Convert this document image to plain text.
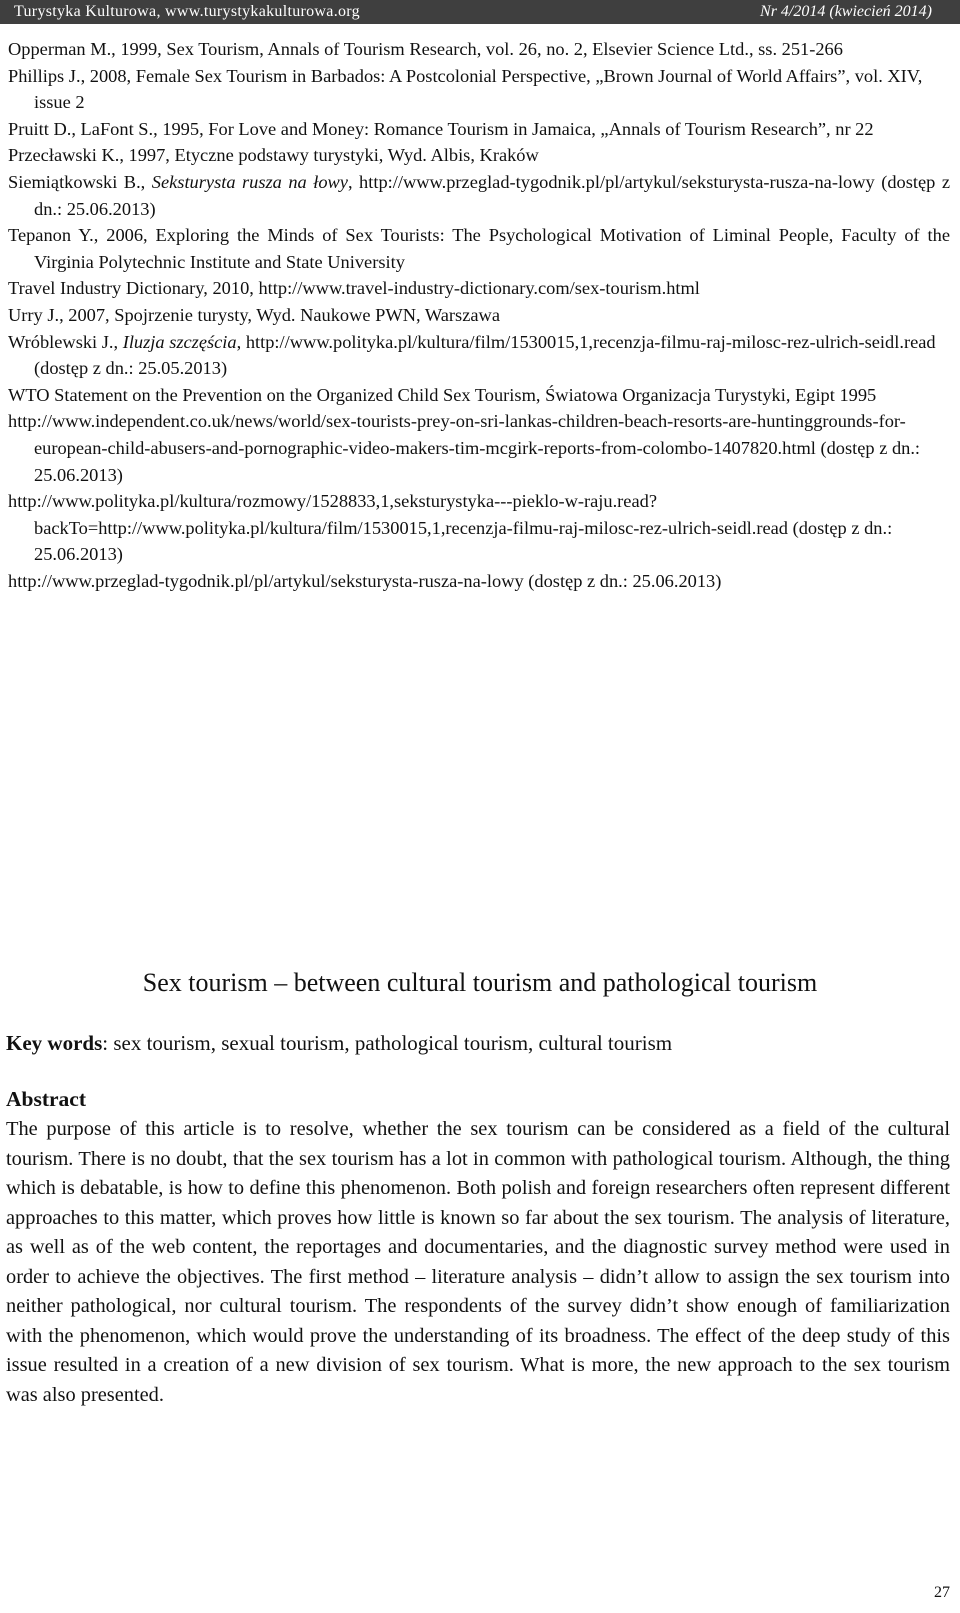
Turystyka Kulturowa, www.turystykakulturowa.org	Nr 4/2014 (kwiecień 2014)

Opperman M., 1999, Sex Tourism, Annals of Tourism Research, vol. 26, no. 2, Elsevier Science Ltd., ss. 251-266

Phillips J., 2008, Female Sex Tourism in Barbados: A Postcolonial Perspective, „Brown Journal of World Affairs”, vol. XIV, issue 2

Pruitt D., LaFont S., 1995, For Love and Money: Romance Tourism in Jamaica, „Annals of Tourism Research”, nr 22

Przecławski K., 1997, Etyczne podstawy turystyki, Wyd. Albis, Kraków

Siemiątkowski B., Seksturysta rusza na łowy, http://www.przeglad-tygodnik.pl/pl/artykul/seksturysta-rusza-na-lowy (dostęp z dn.: 25.06.2013)

Tepanon Y., 2006, Exploring the Minds of Sex Tourists: The Psychological Motivation of Liminal People, Faculty of the Virginia Polytechnic Institute and State University

Travel Industry Dictionary, 2010, http://www.travel-industry-dictionary.com/sex-tourism.html

Urry J., 2007, Spojrzenie turysty, Wyd. Naukowe PWN, Warszawa

Wróblewski J., Iluzja szczęścia, http://www.polityka.pl/kultura/film/1530015,1,recenzja-filmu-raj-milosc-rez-ulrich-seidl.read (dostęp z dn.: 25.05.2013)

WTO Statement on the Prevention on the Organized Child Sex Tourism, Światowa Organizacja Turystyki, Egipt 1995

http://www.independent.co.uk/news/world/sex-tourists-prey-on-sri-lankas-children-beach-resorts-are-huntinggrounds-for-european-child-abusers-and-pornographic-video-makers-tim-mcgirk-reports-from-colombo-1407820.html (dostęp z dn.: 25.06.2013)

http://www.polityka.pl/kultura/rozmowy/1528833,1,seksturystyka---pieklo-w-raju.read?backTo=http://www.polityka.pl/kultura/film/1530015,1,recenzja-filmu-raj-milosc-rez-ulrich-seidl.read (dostęp z dn.: 25.06.2013)

http://www.przeglad-tygodnik.pl/pl/artykul/seksturysta-rusza-na-lowy (dostęp z dn.: 25.06.2013)

Sex tourism – between cultural tourism and pathological tourism
Key words: sex tourism, sexual tourism, pathological tourism, cultural tourism
Abstract

The purpose of this article is to resolve, whether the sex tourism can be considered as a field of the cultural tourism. There is no doubt, that the sex tourism has a lot in common with pathological tourism. Although, the thing which is debatable, is how to define this phenomenon. Both polish and foreign researchers often represent different approaches to this matter, which proves how little is known so far about the sex tourism. The analysis of literature, as well as of the web content, the reportages and documentaries, and the diagnostic survey method were used in order to achieve the objectives. The first method – literature analysis – didn’t allow to assign the sex tourism into neither pathological, nor cultural tourism. The respondents of the survey didn’t show enough of familiarization with the phenomenon, which would prove the understanding of its broadness. The effect of the deep study of this issue resulted in a creation of a new division of sex tourism. What is more, the new approach to the sex tourism was also presented.

27
